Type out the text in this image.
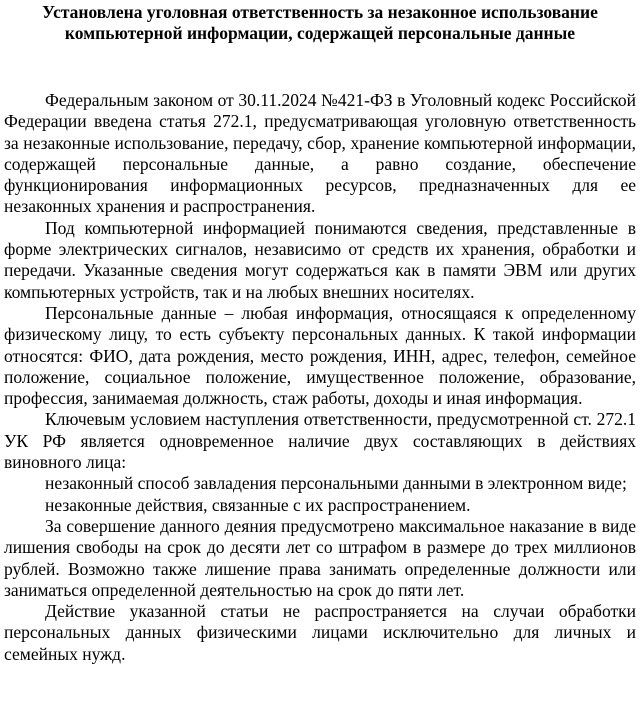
Установлена уголовная ответственность за незаконное использование
компьютерной информации, содержащей персональные данные

Федеральным законом от 30.11.2024 №421-ФЗ в Уголовный кодекс Российской Федерации введена статья 272.1, предусматривающая уголовную ответственность за незаконные использование, передачу, сбор, хранение компьютерной информации, содержащей персональные данные, а равно создание, обеспечение функционирования информационных ресурсов, предназначенных для ее незаконных хранения и распространения.

Под компьютерной информацией понимаются сведения, представленные в форме электрических сигналов, независимо от средств их хранения, обработки и передачи. Указанные сведения могут содержаться как в памяти ЭВМ или других компьютерных устройств, так и на любых внешних носителях.

Персональные данные – любая информация, относящаяся к определенному физическому лицу, то есть субъекту персональных данных. К такой информации относятся: ФИО, дата рождения, место рождения, ИНН, адрес, телефон, семейное положение, социальное положение, имущественное положение, образование, профессия, занимаемая должность, стаж работы, доходы и иная информация.

Ключевым условием наступления ответственности, предусмотренной ст. 272.1 УК РФ является одновременное наличие двух составляющих в действиях виновного лица:

незаконный способ завладения персональными данными в электронном виде;

незаконные действия, связанные с их распространением.

За совершение данного деяния предусмотрено максимальное наказание в виде лишения свободы на срок до десяти лет со штрафом в размере до трех миллионов рублей. Возможно также лишение права занимать определенные должности или заниматься определенной деятельностью на срок до пяти лет.

Действие указанной статьи не распространяется на случаи обработки персональных данных физическими лицами исключительно для личных и семейных нужд.
